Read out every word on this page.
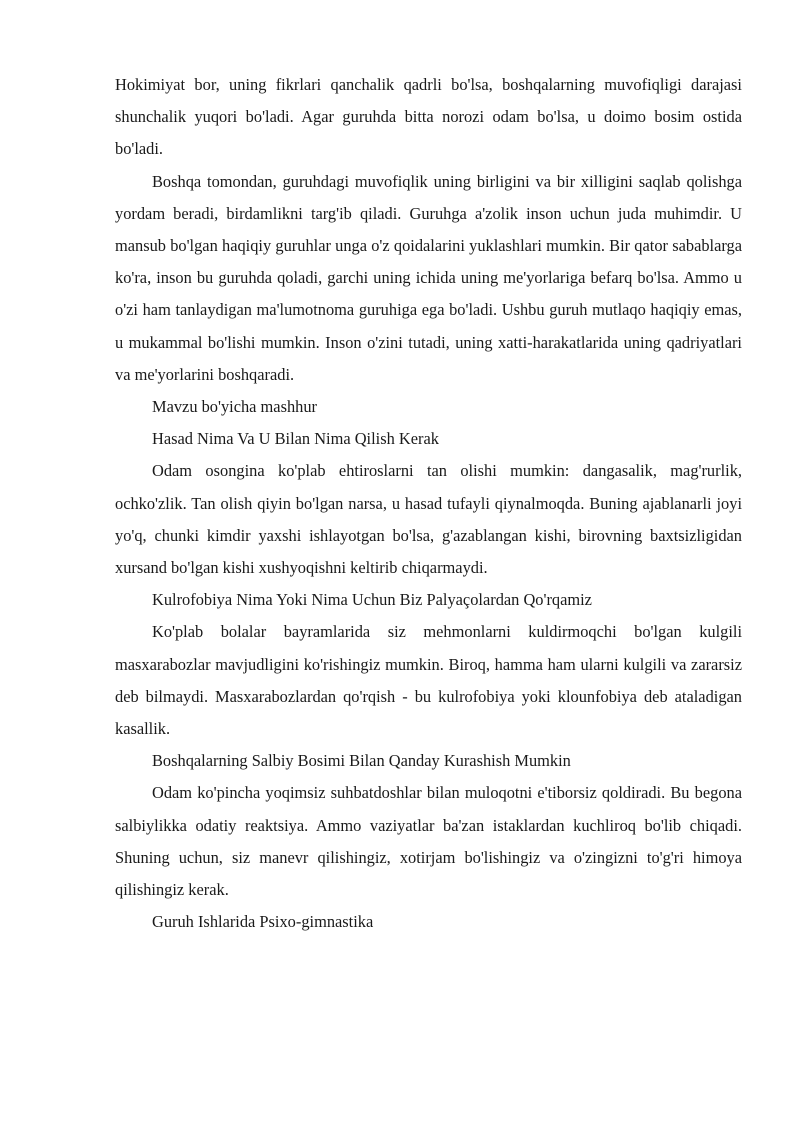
Hokimiyat bor, uning fikrlari qanchalik qadrli bo'lsa, boshqalarning muvofiqligi darajasi shunchalik yuqori bo'ladi. Agar guruhda bitta norozi odam bo'lsa, u doimo bosim ostida bo'ladi.

Boshqa tomondan, guruhdagi muvofiqlik uning birligini va bir xilligini saqlab qolishga yordam beradi, birdamlikni targ'ib qiladi. Guruhga a'zolik inson uchun juda muhimdir. U mansub bo'lgan haqiqiy guruhlar unga o'z qoidalarini yuklashlari mumkin. Bir qator sabablarga ko'ra, inson bu guruhda qoladi, garchi uning ichida uning me'yorlariga befarq bo'lsa. Ammo u o'zi ham tanlaydigan ma'lumotnoma guruhiga ega bo'ladi. Ushbu guruh mutlaqo haqiqiy emas, u mukammal bo'lishi mumkin. Inson o'zini tutadi, uning xatti-harakatlarida uning qadriyatlari va me'yorlarini boshqaradi.

Mavzu bo'yicha mashhur

Hasad Nima Va U Bilan Nima Qilish Kerak

Odam osongina ko'plab ehtiroslarni tan olishi mumkin: dangasalik, mag'rurlik, ochko'zlik. Tan olish qiyin bo'lgan narsa, u hasad tufayli qiynalmoqda. Buning ajablanarli joyi yo'q, chunki kimdir yaxshi ishlayotgan bo'lsa, g'azablangan kishi, birovning baxtsizligidan xursand bo'lgan kishi xushyoqishni keltirib chiqarmaydi.

Kulrofobiya Nima Yoki Nima Uchun Biz Palyaçolardan Qo'rqamiz

Ko'plab bolalar bayramlarida siz mehmonlarni kuldirmoqchi bo'lgan kulgili masxarabozlar mavjudligini ko'rishingiz mumkin. Biroq, hamma ham ularni kulgili va zararsiz deb bilmaydi. Masxarabozlardan qo'rqish - bu kulrofobiya yoki klounfobiya deb ataladigan kasallik.

Boshqalarning Salbiy Bosimi Bilan Qanday Kurashish Mumkin

Odam ko'pincha yoqimsiz suhbatdoshlar bilan muloqotni e'tiborsiz qoldiradi. Bu begona salbiylikka odatiy reaktsiya. Ammo vaziyatlar ba'zan istaklardan kuchliroq bo'lib chiqadi. Shuning uchun, siz manevr qilishingiz, xotirjam bo'lishingiz va o'zingizni to'g'ri himoya qilishingiz kerak.

Guruh Ishlarida Psixo-gimnastika
